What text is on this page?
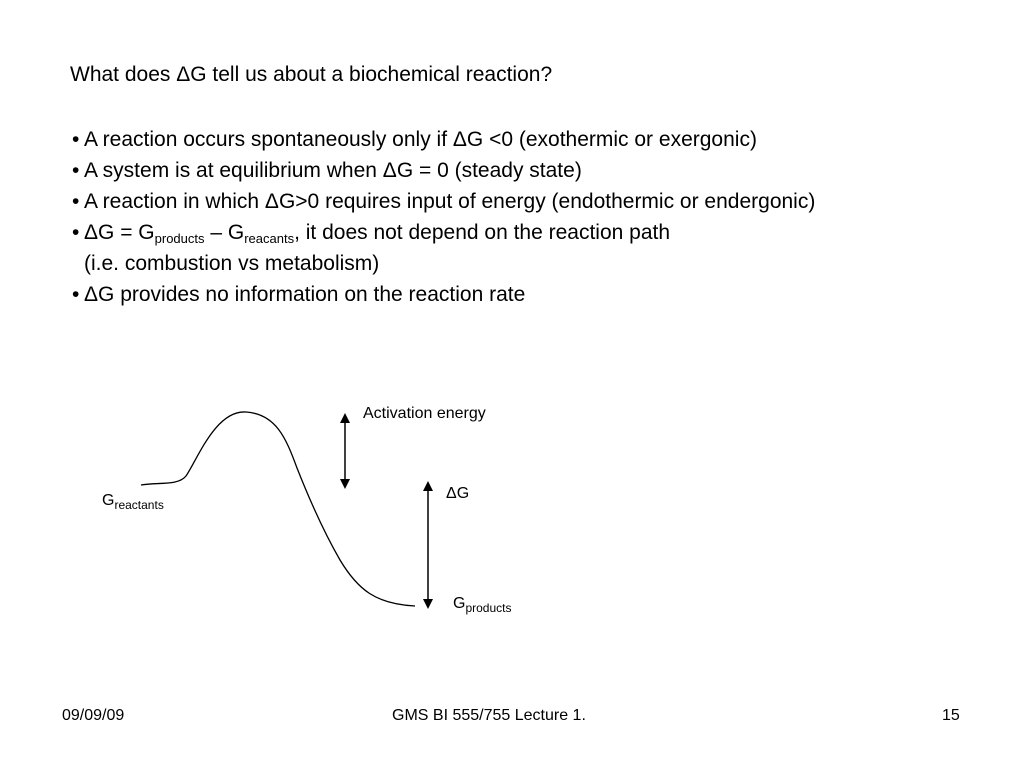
What does ΔG tell us about a biochemical reaction?
• A reaction occurs spontaneously only if ΔG <0 (exothermic or exergonic)
• A system is at equilibrium when ΔG = 0 (steady state)
• A reaction in which ΔG>0 requires input of energy (endothermic or endergonic)
• $\Delta G = G_{products} - G_{reacants}$, it does not depend on the reaction path
(i.e. combustion vs metabolism)
• ΔG provides no information on the reaction rate
Activation energy
ΔG
$G_{reactants}$
$G_{products}$
09/09/09	GMS BI 555/755 Lecture 1.	15
